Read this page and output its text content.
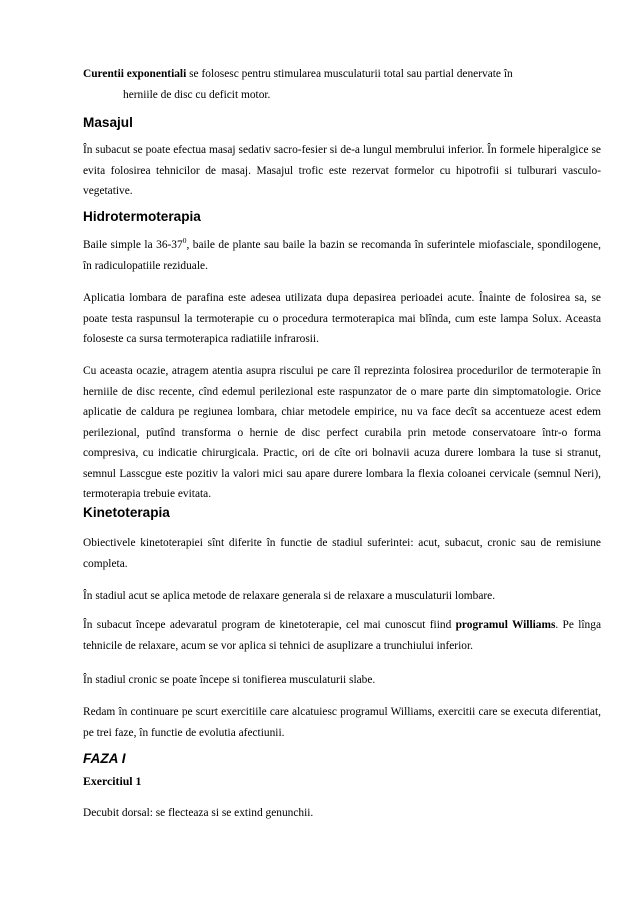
Curentii exponentiali se folosesc pentru stimularea musculaturii total sau partial denervate în
herniile de disc cu deficit motor.

Masajul

În subacut se poate efectua masaj sedativ sacro-fesier si de-a lungul membrului inferior. În formele hiperalgice se evita folosirea tehnicilor de masaj. Masajul trofic este rezervat formelor cu hipotrofii si tulburari vasculo-vegetative.

Hidrotermoterapia

Baile simple la $36-37^0$, baile de plante sau baile la bazin se recomanda în suferintele miofasciale, spondilogene, în radiculopatiile reziduale.

Aplicatia lombara de parafina este adesea utilizata dupa depasirea perioadei acute. Înainte de folosirea sa, se poate testa raspunsul la termoterapie cu o procedura termoterapica mai blînda, cum este lampa Solux. Aceasta foloseste ca sursa termoterapica radiatiile infrarosii.

Cu aceasta ocazie, atragem atentia asupra riscului pe care îl reprezinta folosirea procedurilor de termoterapie în herniile de disc recente, cînd edemul perilezional este raspunzator de o mare parte din simptomatologie. Orice aplicatie de caldura pe regiunea lombara, chiar metodele empirice, nu va face decît sa accentueze acest edem perilezional, putînd transforma o hernie de disc perfect curabila prin metode conservatoare într-o forma compresiva, cu indicatie chirurgicala. Practic, ori de cîte ori bolnavii acuza durere lombara la tuse si stranut, semnul Lasscgue este pozitiv la valori mici sau apare durere lombara la flexia coloanei cervicale (semnul Neri), termoterapia trebuie evitata.

Kinetoterapia

Obiectivele kinetoterapiei sînt diferite în functie de stadiul suferintei: acut, subacut, cronic sau de remisiune completa.

În stadiul acut se aplica metode de relaxare generala si de relaxare a musculaturii lombare.

În subacut începe adevaratul program de kinetoterapie, cel mai cunoscut fiind programul Williams. Pe lînga tehnicile de relaxare, acum se vor aplica si tehnici de asuplizare a trunchiului inferior.

În stadiul cronic se poate începe si tonifierea musculaturii slabe.

Redam în continuare pe scurt exercitiile care alcatuiesc programul Williams, exercitii care se executa diferentiat, pe trei faze, în functie de evolutia afectiunii.

FAZA I
Exercitiul 1

Decubit dorsal: se flecteaza si se extind genunchii.
